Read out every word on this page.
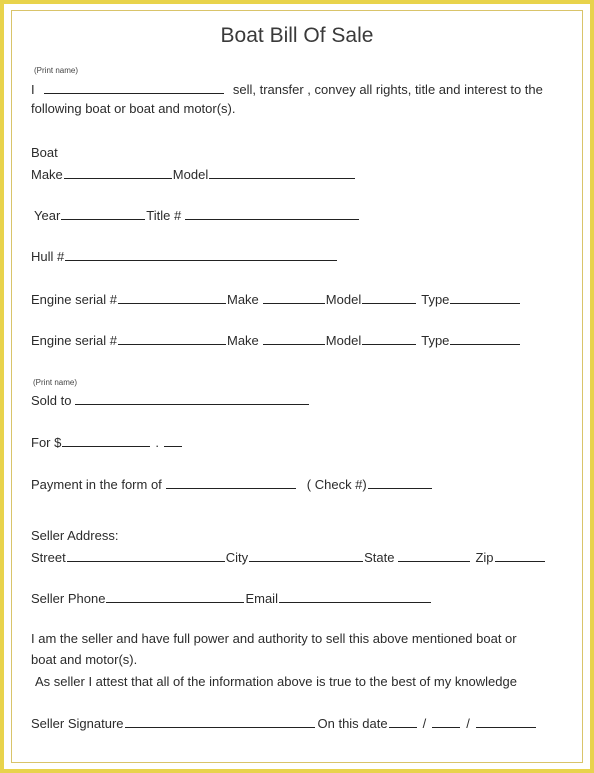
Boat Bill Of Sale
(Print name)
I	sell, transfer , convey all rights, title and interest to the
following boat or boat and motor(s).
Boat
Make	Model
Year	Title #
Hull #
Engine serial #	Make	Model	Type
Engine serial #	Make	Model	Type
(Print name)
Sold to
For $	.
Payment in the form of	( Check #)
Seller Address:
Street	City	State	Zip
Seller Phone	Email
I am the seller and have full power and authority to sell this above mentioned boat or
boat and motor(s).
As seller I attest that all of the information above is true to the best of my knowledge
Seller Signature	On this date	/	/
